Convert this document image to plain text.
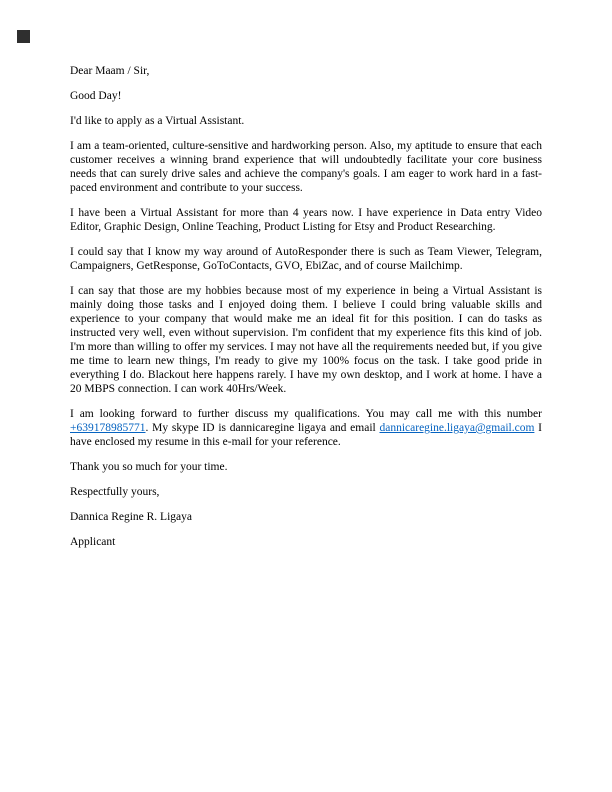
Dear Maam / Sir,

Good Day!

I'd like to apply as a Virtual Assistant.

I am a team-oriented, culture-sensitive and hardworking person. Also, my aptitude to ensure that each customer receives a winning brand experience that will undoubtedly facilitate your core business needs that can surely drive sales and achieve the company's goals. I am eager to work hard in a fast-paced environment and contribute to your success.

I have been a Virtual Assistant for more than 4 years now. I have experience in Data entry Video Editor, Graphic Design, Online Teaching, Product Listing for Etsy and Product Researching.

I could say that I know my way around of AutoResponder there is such as Team Viewer, Telegram, Campaigners, GetResponse, GoToContacts, GVO, EbiZac, and of course Mailchimp.

I can say that those are my hobbies because most of my experience in being a Virtual Assistant is mainly doing those tasks and I enjoyed doing them. I believe I could bring valuable skills and experience to your company that would make me an ideal fit for this position. I can do tasks as instructed very well, even without supervision. I'm confident that my experience fits this kind of job. I'm more than willing to offer my services. I may not have all the requirements needed but, if you give me time to learn new things, I'm ready to give my 100% focus on the task. I take good pride in everything I do. Blackout here happens rarely. I have my own desktop, and I work at home. I have a 20 MBPS connection. I can work 40Hrs/Week.

I am looking forward to further discuss my qualifications. You may call me with this number +639178985771. My skype ID is dannicaregine ligaya and email dannicaregine.ligaya@gmail.com I have enclosed my resume in this e-mail for your reference.

Thank you so much for your time.

Respectfully yours,

Dannica Regine R. Ligaya

Applicant
